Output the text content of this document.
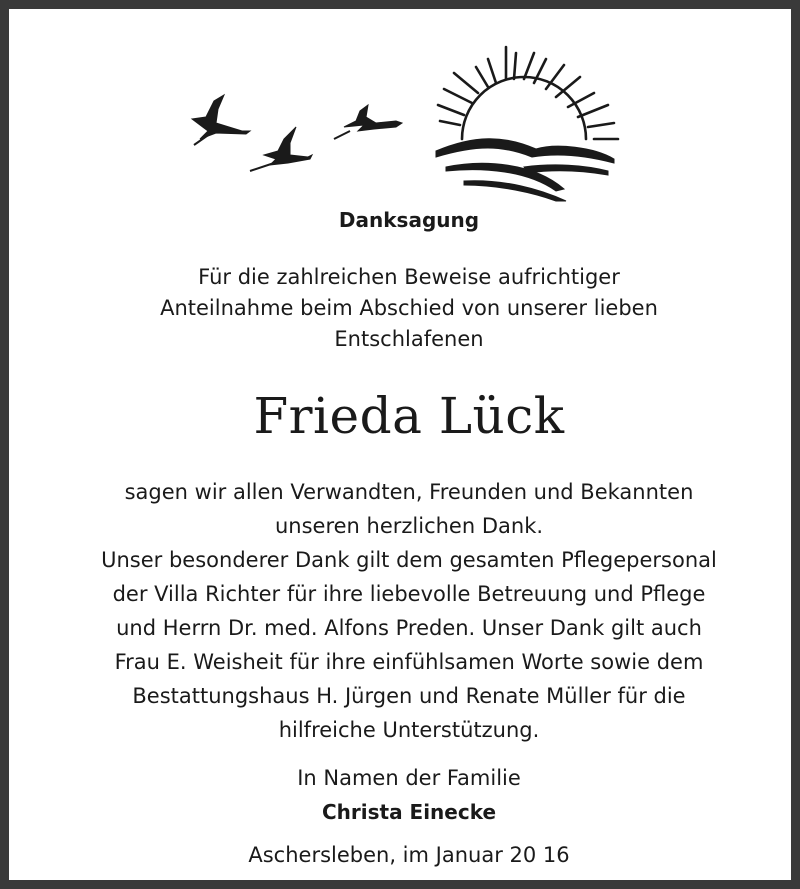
Danksagung
Für die zahlreichen Beweise aufrichtiger
Anteilnahme beim Abschied von unserer lieben
Entschlafenen
Frieda Lück
sagen wir allen Verwandten, Freunden und Bekannten
unseren herzlichen Dank.
Unser besonderer Dank gilt dem gesamten Pflegepersonal
der Villa Richter für ihre liebevolle Betreuung und Pflege
und Herrn Dr. med. Alfons Preden. Unser Dank gilt auch
Frau E. Weisheit für ihre einfühlsamen Worte sowie dem
Bestattungshaus H. Jürgen und Renate Müller für die
hilfreiche Unterstützung.
In Namen der Familie
Christa Einecke
Aschersleben, im Januar 20 16
